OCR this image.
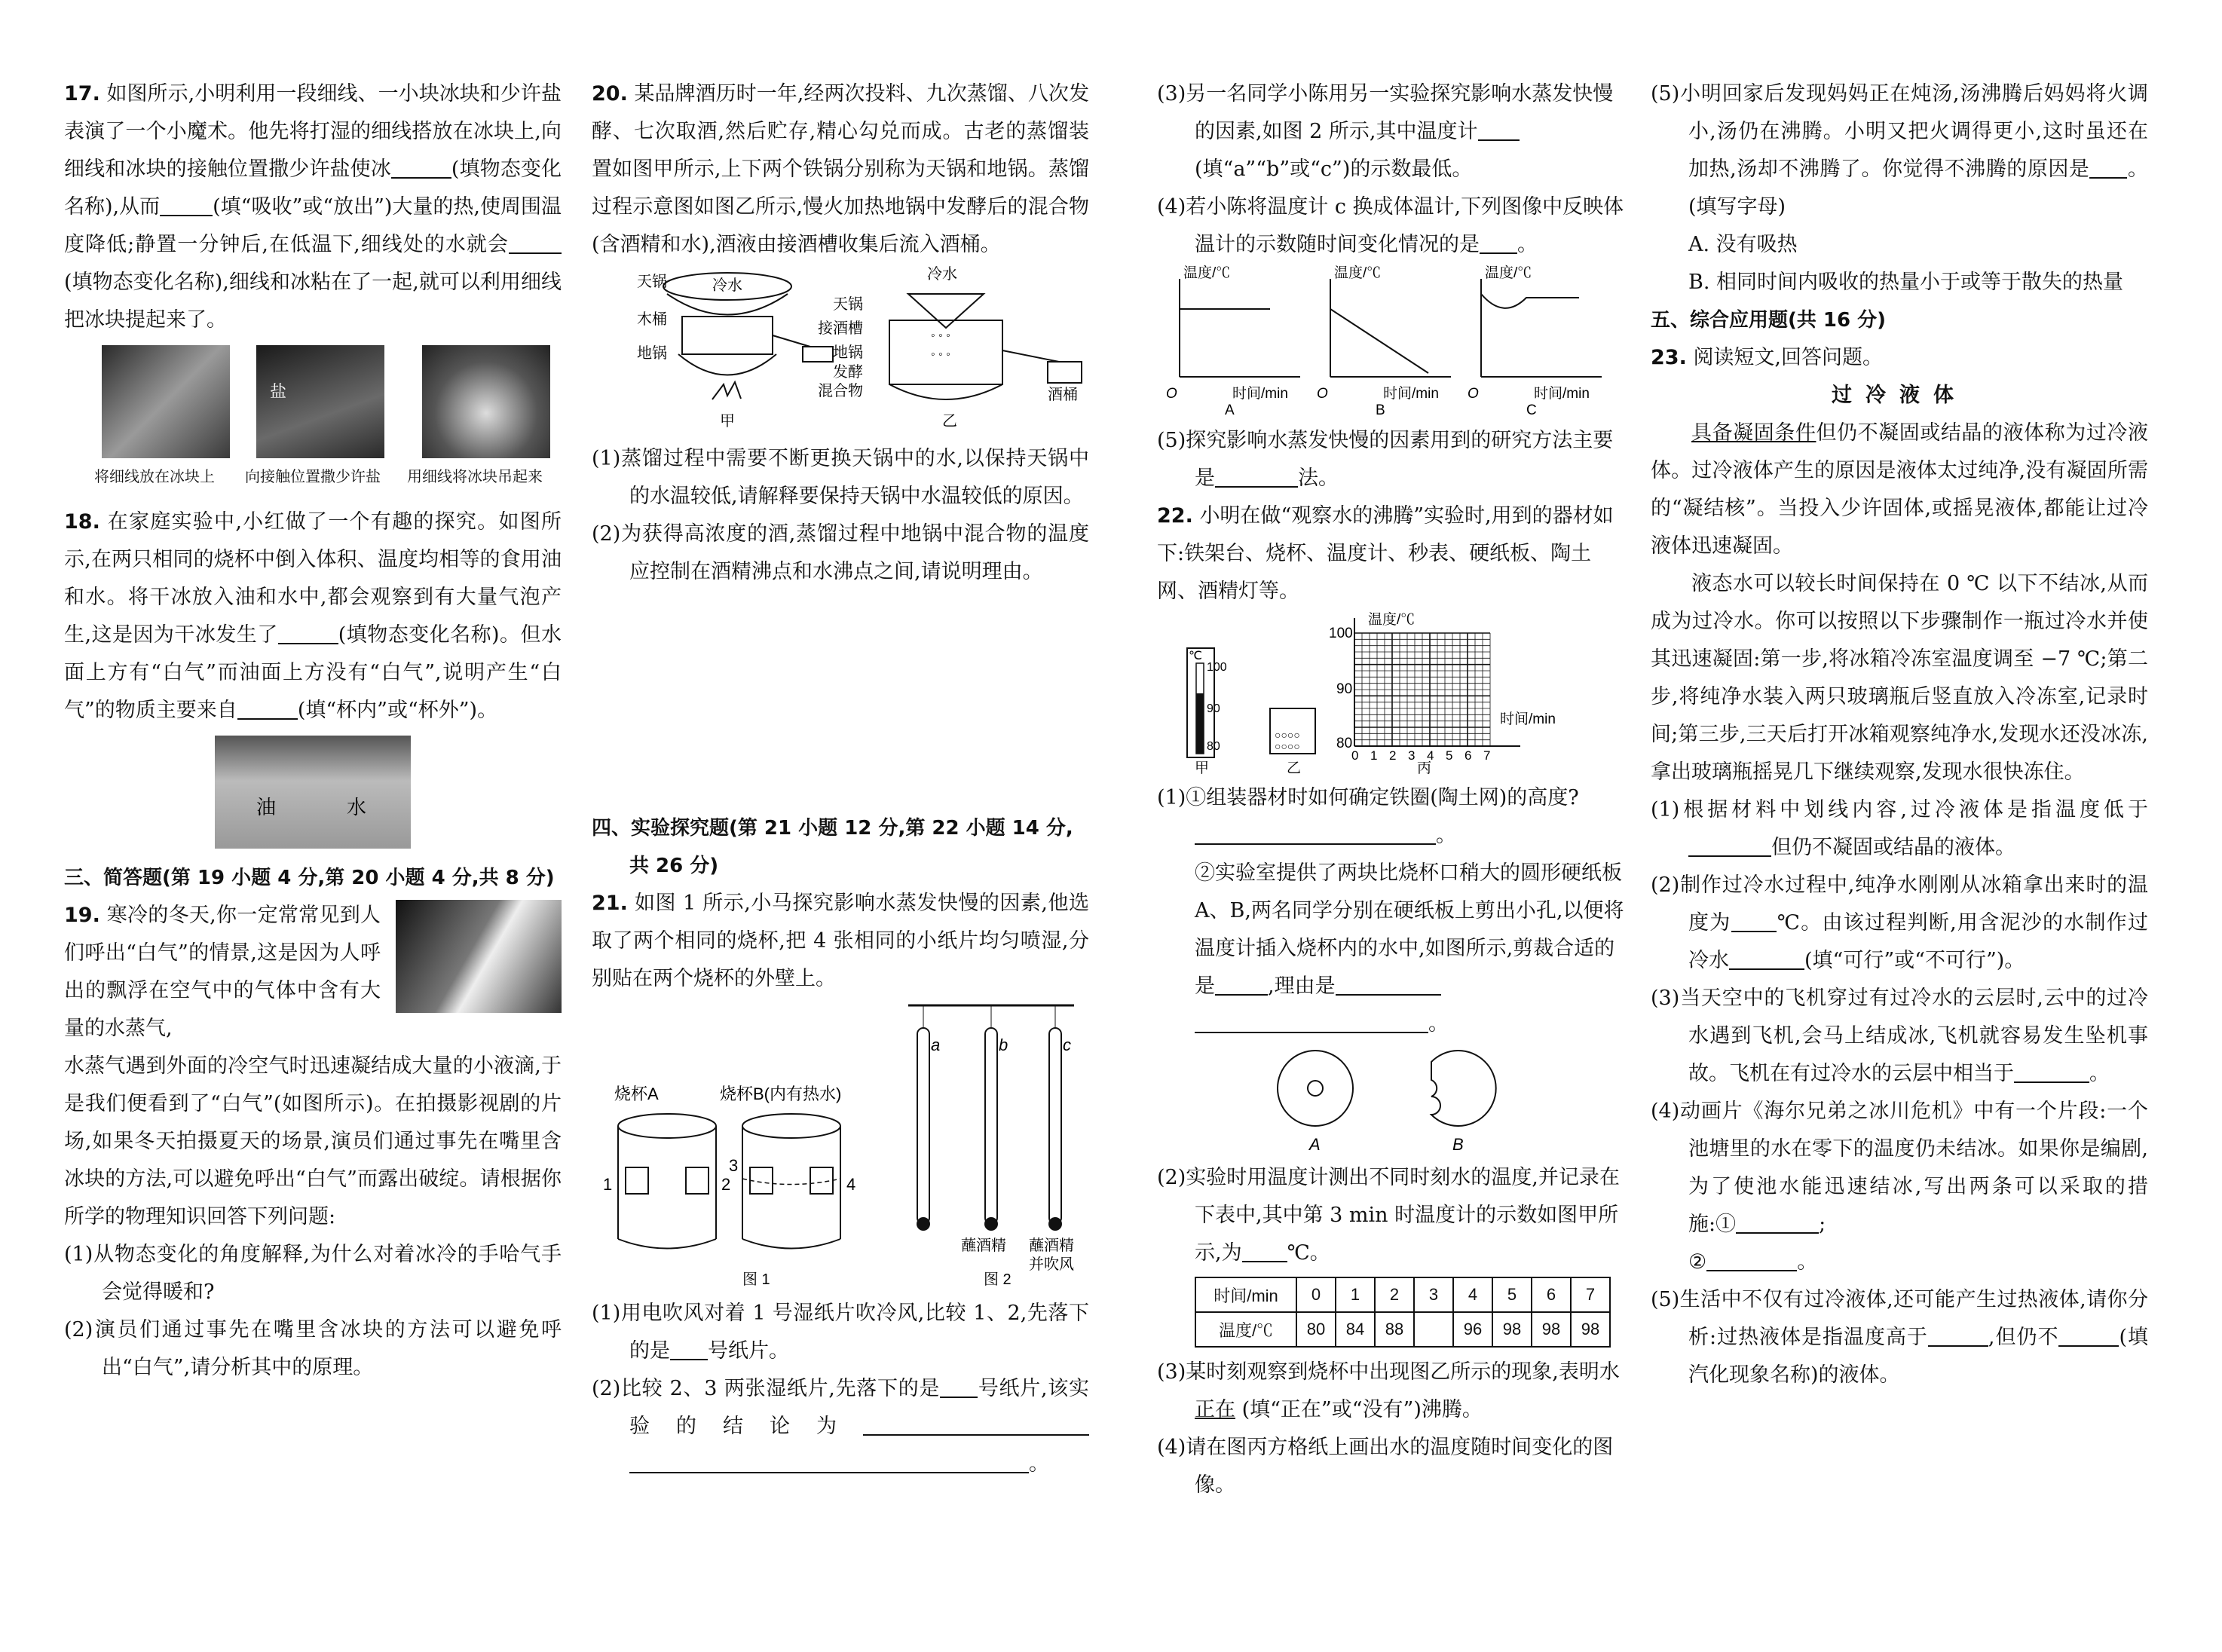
17. 如图所示,小明利用一段细线、一小块冰块和少许盐表演了一个小魔术。他先将打湿的细线搭放在冰块上,向细线和冰块的接触位置撒少许盐使冰	(填物态变化名称),从而	(填“吸收”或“放出”)大量的热,使周围温度降低;静置一分钟后,在低温下,细线处的水就会(填物态变化名称),细线和冰粘在了一起,就可以利用细线把冰块提起来了。

盐
将细线放在冰块上 向接触位置撒少许盐 用细线将冰块吊起来

18. 在家庭实验中,小红做了一个有趣的探究。如图所示,在两只相同的烧杯中倒入体积、温度均相等的食用油和水。将干冰放入油和水中,都会观察到有大量气泡产生,这是因为干冰发生了	(填物态变化名称)。但水面上方有“白气”而油面上方没有“白气”,说明产生“白气”的物质主要来自	(填“杯内”或“杯外”)。

油	水

三、简答题(第 19 小题 4 分,第 20 小题 4 分,共 8 分)

19. 寒冷的冬天,你一定常常见到人们呼出“白气”的情景,这是因为人呼出的飘浮在空气中的气体中含有大量的水蒸气,

水蒸气遇到外面的冷空气时迅速凝结成大量的小液滴,于是我们便看到了“白气”(如图所示)。在拍摄影视剧的片场,如果冬天拍摄夏天的场景,演员们通过事先在嘴里含冰块的方法,可以避免呼出“白气”而露出破绽。请根据你所学的物理知识回答下列问题:

(1)从物态变化的角度解释,为什么对着冰冷的手哈气手会觉得暖和?

(2)演员们通过事先在嘴里含冰块的方法可以避免呼出“白气”,请分析其中的原理。

20. 某品牌酒历时一年,经两次投料、九次蒸馏、八次发酵、七次取酒,然后贮存,精心勾兑而成。古老的蒸馏装置如图甲所示,上下两个铁锅分别称为天锅和地锅。蒸馏过程示意图如图乙所示,慢火加热地锅中发酵后的混合物(含酒精和水),酒液由接酒槽收集后流入酒桶。

天锅	冷水
木桶
地锅
甲
◦ ◦ ◦
◦ ◦ ◦
冷水
天锅
接酒槽
地锅
发酵
混合物	酒桶
乙

(1)蒸馏过程中需要不断更换天锅中的水,以保持天锅中的水温较低,请解释要保持天锅中水温较低的原因。

(2)为获得高浓度的酒,蒸馏过程中地锅中混合物的温度应控制在酒精沸点和水沸点之间,请说明理由。

四、实验探究题(第 21 小题 12 分,第 22 小题 14 分,共 26 分)

21. 如图 1 所示,小马探究影响水蒸发快慢的因素,他选取了两个相同的烧杯,把 4 张相同的小纸片均匀喷湿,分别贴在两个烧杯的外壁上。

a	b	c
蘸酒精 蘸酒精
并吹风
图 2
烧杯A	烧杯B(内有热水)
1	2
3
4
图 1

(1)用电吹风对着 1 号湿纸片吹冷风,比较 1、2,先落下的是 号纸片。

(2)比较 2、3 两张湿纸片,先落下的是 号纸片,该实验的结论为。

(3)另一名同学小陈用另一实验探究影响水蒸发快慢的因素,如图 2 所示,其中温度计(填“a”“b”或“c”)的示数最低。

(4)若小陈将温度计 c 换成体温计,下列图像中反映体温计的示数随时间变化情况的是 。

温度/℃
时间/min
O
A
温度/℃
时间/min
O
B
温度/℃
时间/min
O
C

(5)探究影响水蒸发快慢的因素用到的研究方法主要是	法。

22. 小明在做“观察水的沸腾”实验时,用到的器材如下:铁架台、烧杯、温度计、秒表、硬纸板、陶土网、酒精灯等。

℃
100
90
80
甲
○○○○
○○○○
乙
温度/℃
时间/min
100
90
80
0 1 2 3 4 5 6 7
丙

(1)①组装器材时如何确定铁圈(陶土网)的高度?。

②实验室提供了两块比烧杯口稍大的圆形硬纸板 A、B,两名同学分别在硬纸板上剪出小孔,以便将温度计插入烧杯内的水中,如图所示,剪裁合适的是	,理由是。

A	B

(2)实验时用温度计测出不同时刻水的温度,并记录在下表中,其中第 3 min 时温度计的示数如图甲所示,为 ℃。

时间/min	0	1	2	3	4	5	6	7
温度/℃	80	84	88		96	98	98	98

(3)某时刻观察到烧杯中出现图乙所示的现象,表明水 正在 (填“正在”或“没有”)沸腾。

(4)请在图丙方格纸上画出水的温度随时间变化的图像。

(5)小明回家后发现妈妈正在炖汤,汤沸腾后妈妈将火调小,汤仍在沸腾。小明又把火调得更小,这时虽还在加热,汤却不沸腾了。你觉得不沸腾的原因是 。(填写字母)

A. 没有吸热

B. 相同时间内吸收的热量小于或等于散失的热量

五、综合应用题(共 16 分)

23. 阅读短文,回答问题。

过冷液体

具备凝固条件但仍不凝固或结晶的液体称为过冷液体。过冷液体产生的原因是液体太过纯净,没有凝固所需的“凝结核”。当投入少许固体,或摇晃液体,都能让过冷液体迅速凝固。

液态水可以较长时间保持在 0 ℃ 以下不结冰,从而成为过冷水。你可以按照以下步骤制作一瓶过冷水并使其迅速凝固:第一步,将冰箱冷冻室温度调至 −7 ℃;第二步,将纯净水装入两只玻璃瓶后竖直放入冷冻室,记录时间;第三步,三天后打开冰箱观察纯净水,发现水还没冰冻,拿出玻璃瓶摇晃几下继续观察,发现水很快冻住。

(1)根据材料中划线内容,过冷液体是指温度低于但仍不凝固或结晶的液体。

(2)制作过冷水过程中,纯净水刚刚从冰箱拿出来时的温度为 ℃。由该过程判断,用含泥沙的水制作过冷水	(填“可行”或“不可行”)。

(3)当天空中的飞机穿过有过冷水的云层时,云中的过冷水遇到飞机,会马上结成冰,飞机就容易发生坠机事故。飞机在有过冷水的云层中相当于	。

(4)动画片《海尔兄弟之冰川危机》中有一个片段:一个池塘里的水在零下的温度仍未结冰。如果你是编剧,为了使池水能迅速结冰,写出两条可以采取的措施:①	;
②	。

(5)生活中不仅有过冷液体,还可能产生过热液体,请你分析:过热液体是指温度高于	,但仍不	(填汽化现象名称)的液体。
